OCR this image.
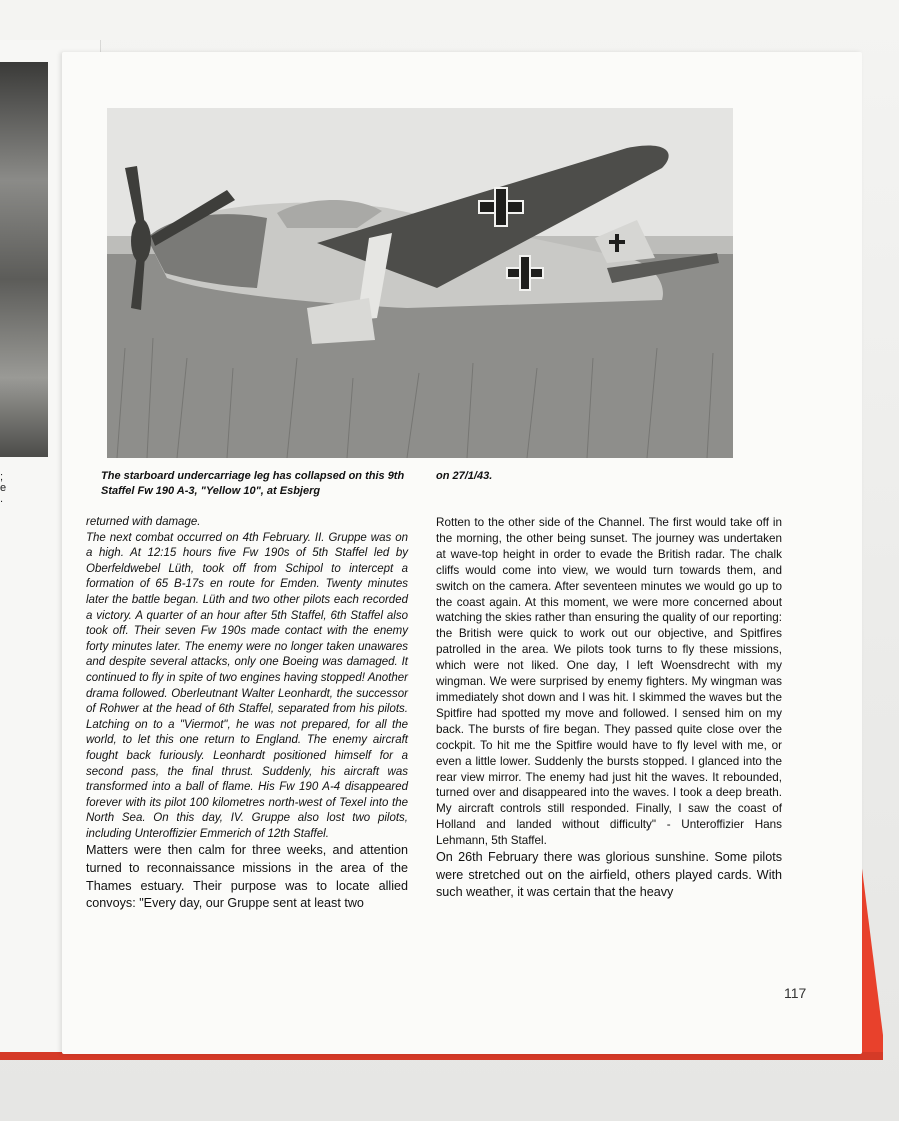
; e .

The starboard undercarriage leg has collapsed on this 9th Staffel Fw 190 A-3, "Yellow 10", at Esbjerg

on 27/1/43.

returned with damage.

The next combat occurred on 4th February. II. Gruppe was on a high. At 12:15 hours five Fw 190s of 5th Staffel led by Oberfeldwebel Lüth, took off from Schipol to intercept a formation of 65 B-17s en route for Emden. Twenty minutes later the battle began. Lüth and two other pilots each recorded a victory. A quarter of an hour after 5th Staffel, 6th Staffel also took off. Their seven Fw 190s made contact with the enemy forty minutes later. The enemy were no longer taken unawares and despite several attacks, only one Boeing was damaged. It continued to fly in spite of two engines having stopped! Another drama followed. Oberleutnant Walter Leonhardt, the successor of Rohwer at the head of 6th Staffel, separated from his pilots. Latching on to a "Viermot", he was not prepared, for all the world, to let this one return to England. The enemy aircraft fought back furiously. Leonhardt positioned himself for a second pass, the final thrust. Suddenly, his aircraft was transformed into a ball of flame. His Fw 190 A-4 disappeared forever with its pilot 100 kilometres north-west of Texel into the North Sea. On this day, IV. Gruppe also lost two pilots, including Unteroffizier Emmerich of 12th Staffel.

Matters were then calm for three weeks, and attention turned to reconnaissance missions in the area of the Thames estuary. Their purpose was to locate allied convoys: "Every day, our Gruppe sent at least two

Rotten to the other side of the Channel. The first would take off in the morning, the other being sunset. The journey was undertaken at wave-top height in order to evade the British radar. The chalk cliffs would come into view, we would turn towards them, and switch on the camera. After seventeen minutes we would go up to the coast again. At this moment, we were more concerned about watching the skies rather than ensuring the quality of our reporting: the British were quick to work out our objective, and Spitfires patrolled in the area. We pilots took turns to fly these missions, which were not liked. One day, I left Woensdrecht with my wingman. We were surprised by enemy fighters. My wingman was immediately shot down and I was hit. I skimmed the waves but the Spitfire had spotted my move and followed. I sensed him on my back. The bursts of fire began. They passed quite close over the cockpit. To hit me the Spitfire would have to fly level with me, or even a little lower. Suddenly the bursts stopped. I glanced into the rear view mirror. The enemy had just hit the waves. It rebounded, turned over and disappeared into the waves. I took a deep breath. My aircraft controls still responded. Finally, I saw the coast of Holland and landed without difficulty" - Unteroffizier Hans Lehmann, 5th Staffel.

On 26th February there was glorious sunshine. Some pilots were stretched out on the airfield, others played cards. With such weather, it was certain that the heavy

117
